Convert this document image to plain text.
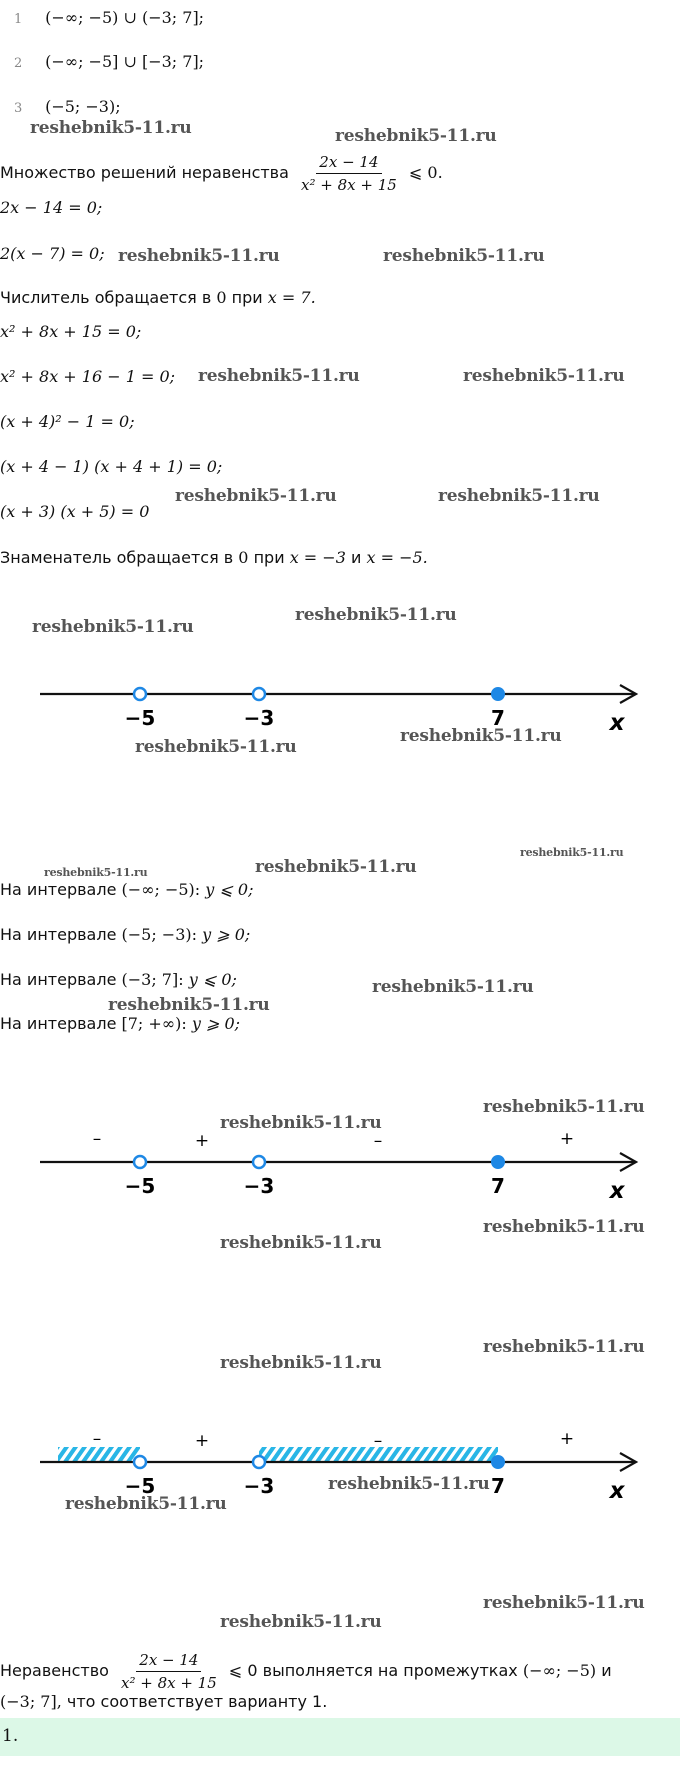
1 (−∞; −5) ∪ (−3; 7];
2 (−∞; −5] ∪ [−3; 7];
3 (−5; −3);
Множество решений неравенства $\frac{2x - 14}{\text{x² + 8x + 15}}$ ⩽ 0.
2x − 14 = 0;
2(x − 7) = 0;
Числитель обращается в 0 при x = 7.
x² + 8x + 15 = 0;
x² + 8x + 16 − 1 = 0;
(x + 4)² − 1 = 0;
(x + 4 − 1) (x + 4 + 1) = 0;
(x + 3) (x + 5) = 0
Знаменатель обращается в 0 при x = −3 и x = −5.
−5	−3	7	x
На интервале (−∞; −5): y ⩽ 0;
На интервале (−5; −3): y ⩾ 0;
На интервале (−3; 7]: y ⩽ 0;
На интервале [7; +∞): y ⩾ 0;
–	+	–	+
−5	−3	7	x
–	+	–	+
−5	−3	7	x
Неравенство $\frac{2x - 14}{\text{x² + 8x + 15}}$ ⩽ 0 выполняется на промежутках (−∞; −5) и
(−3; 7], что соответствует варианту 1.
1.
reshebnik5-11.ru	reshebnik5-11.ru
reshebnik5-11.ru	reshebnik5-11.ru
reshebnik5-11.ru	reshebnik5-11.ru
reshebnik5-11.ru	reshebnik5-11.ru
reshebnik5-11.ru
reshebnik5-11.ru
reshebnik5-11.ru
reshebnik5-11.ru
reshebnik5-11.ru	reshebnik5-11.ru
reshebnik5-11.ru
reshebnik5-11.ru
reshebnik5-11.ru
reshebnik5-11.ru
reshebnik5-11.ru
reshebnik5-11.ru
reshebnik5-11.ru
reshebnik5-11.ru
reshebnik5-11.ru
reshebnik5-11.ru
reshebnik5-11.ru
reshebnik5-11.ru
reshebnik5-11.ru
